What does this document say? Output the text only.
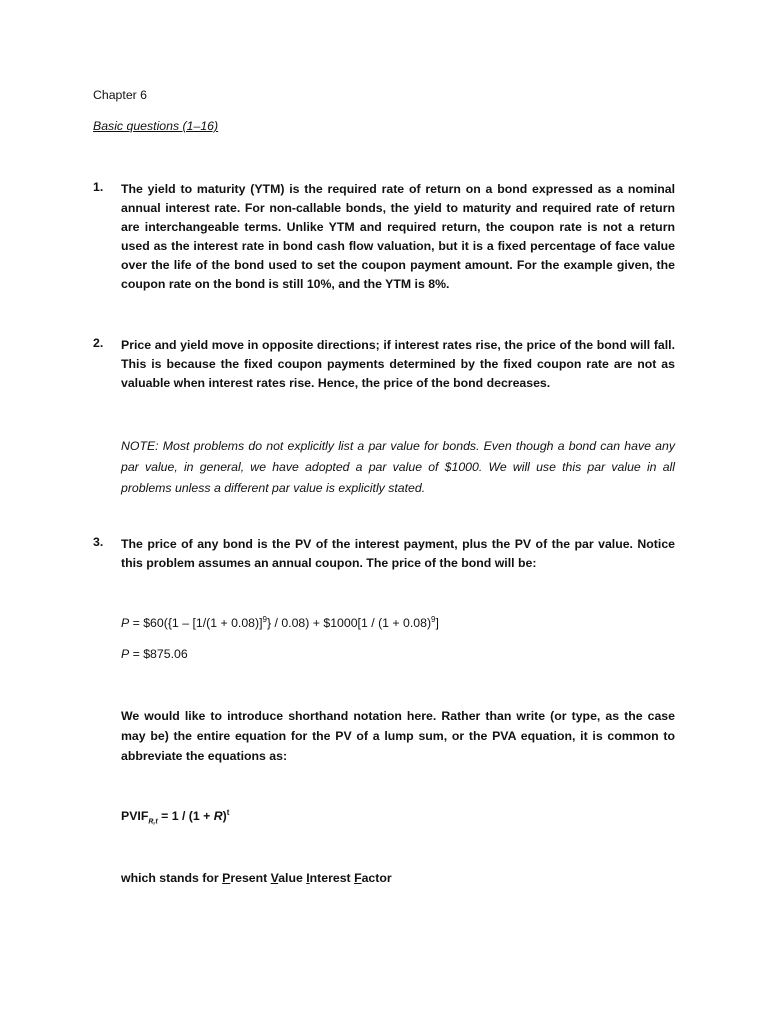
Chapter 6
Basic questions (1–16)
1. The yield to maturity (YTM) is the required rate of return on a bond expressed as a nominal annual interest rate. For non-callable bonds, the yield to maturity and required rate of return are interchangeable terms. Unlike YTM and required return, the coupon rate is not a return used as the interest rate in bond cash flow valuation, but it is a fixed percentage of face value over the life of the bond used to set the coupon payment amount. For the example given, the coupon rate on the bond is still 10%, and the YTM is 8%.
2. Price and yield move in opposite directions; if interest rates rise, the price of the bond will fall. This is because the fixed coupon payments determined by the fixed coupon rate are not as valuable when interest rates rise. Hence, the price of the bond decreases.
NOTE: Most problems do not explicitly list a par value for bonds. Even though a bond can have any par value, in general, we have adopted a par value of $1000. We will use this par value in all problems unless a different par value is explicitly stated.
3. The price of any bond is the PV of the interest payment, plus the PV of the par value. Notice this problem assumes an annual coupon. The price of the bond will be:
P = $60({1 – $[1/(1 + 0.08)]^9\} / 0.08$) + $1000[1 / $(1 + 0.08)^9$]
P = $875.06
We would like to introduce shorthand notation here. Rather than write (or type, as the case may be) the entire equation for the PV of a lump sum, or the PVA equation, it is common to abbreviate the equations as:
$PVIF_{R,t} = 1 / (1 + R)^t$
which stands for Present Value Interest Factor
